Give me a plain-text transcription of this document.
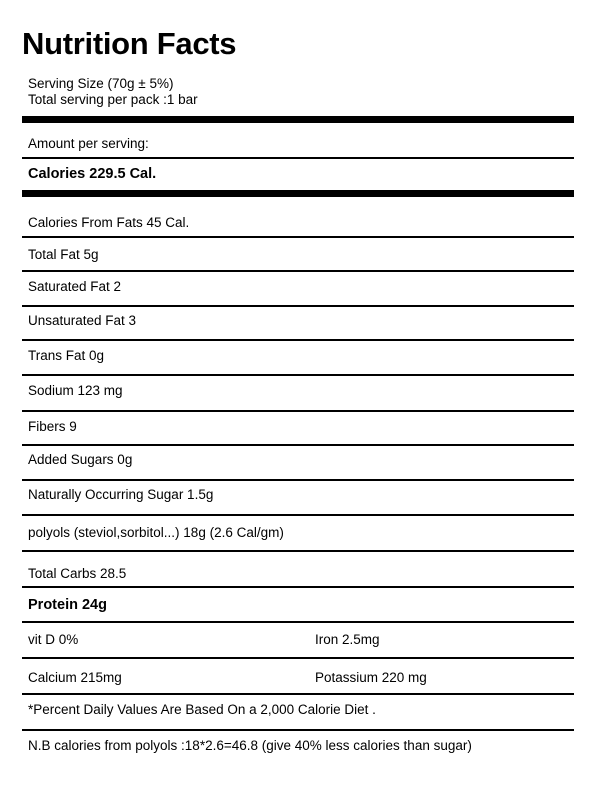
Nutrition Facts
Serving Size (70g ± 5%)
Total serving per pack :1 bar
Amount per serving:
Calories 229.5 Cal.
Calories From Fats 45 Cal.
Total Fat 5g
Saturated Fat 2
Unsaturated Fat 3
Trans Fat 0g
Sodium 123 mg
Fibers 9
Added Sugars 0g
Naturally Occurring Sugar 1.5g
polyols (steviol,sorbitol...) 18g (2.6 Cal/gm)
Total Carbs 28.5
Protein 24g
vit D 0%	Iron 2.5mg
Calcium 215mg	Potassium 220 mg
*Percent Daily Values Are Based On a 2,000 Calorie Diet .
N.B calories from polyols :18*2.6=46.8 (give 40% less calories than sugar)
